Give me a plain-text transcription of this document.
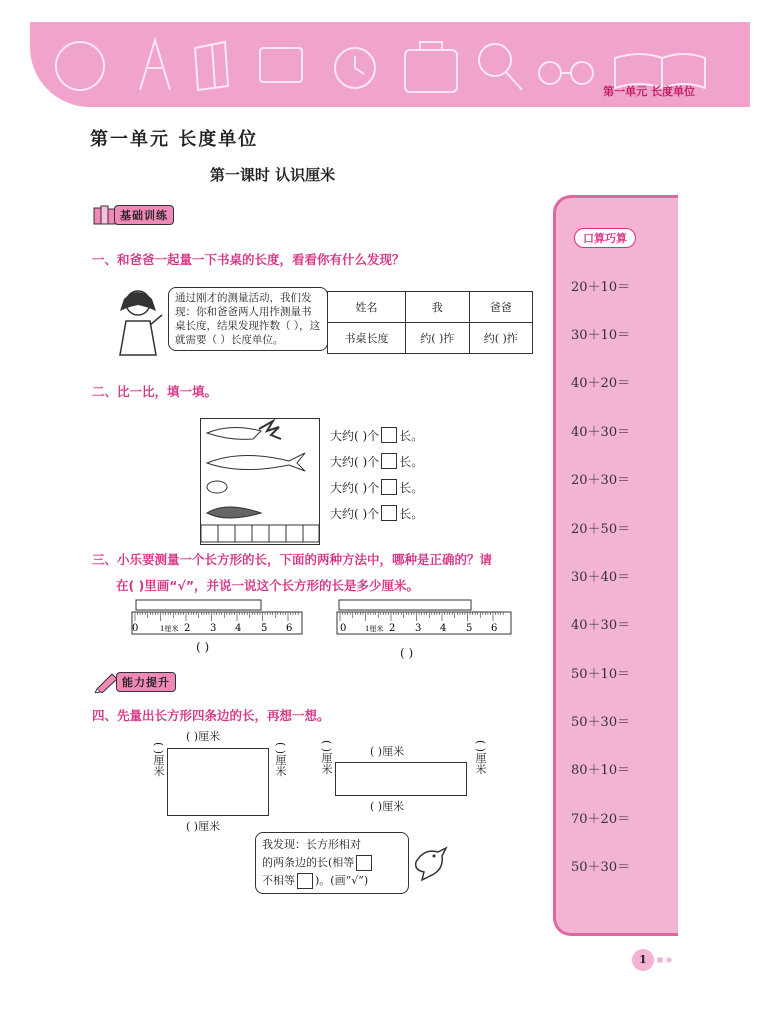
第一单元 长度单位
第一单元 长度单位
第一课时 认识厘米
基础训练
一、和爸爸一起量一下书桌的长度，看看你有什么发现？
通过刚才的测量活动，我们发现：你和爸爸两人用拃测量书桌长度，结果发现拃数（ ），这就需要（ ）长度单位。
姓名	我	爸爸
书桌长度	约( )拃	约( )拃
二、比一比，填一填。
大约( )个 长。
大约( )个 长。
大约( )个 长。
大约( )个 长。
三、小乐要测量一个长方形的长，下面的两种方法中，哪种是正确的？请
在( )里画“√”，并说一说这个长方形的长是多少厘米。
0	1厘米 2 3 4 5 6
( )
0	1厘米 2 3 4 5 6
( )
能力提升
四、先量出长方形四条边的长，再想一想。
( )厘米
( )厘米	( )厘米
( )厘米
( )厘米
( )厘米	( )厘米
( )厘米
我发现：长方形相对
的两条边的长(相等
不相等 )。(画“√”)
口算巧算
20＋10＝
30＋10＝
40＋20＝
40＋30＝
20＋30＝
20＋50＝
30＋40＝
40＋30＝
50＋10＝
50＋30＝
80＋10＝
70＋20＝
50＋30＝
1
